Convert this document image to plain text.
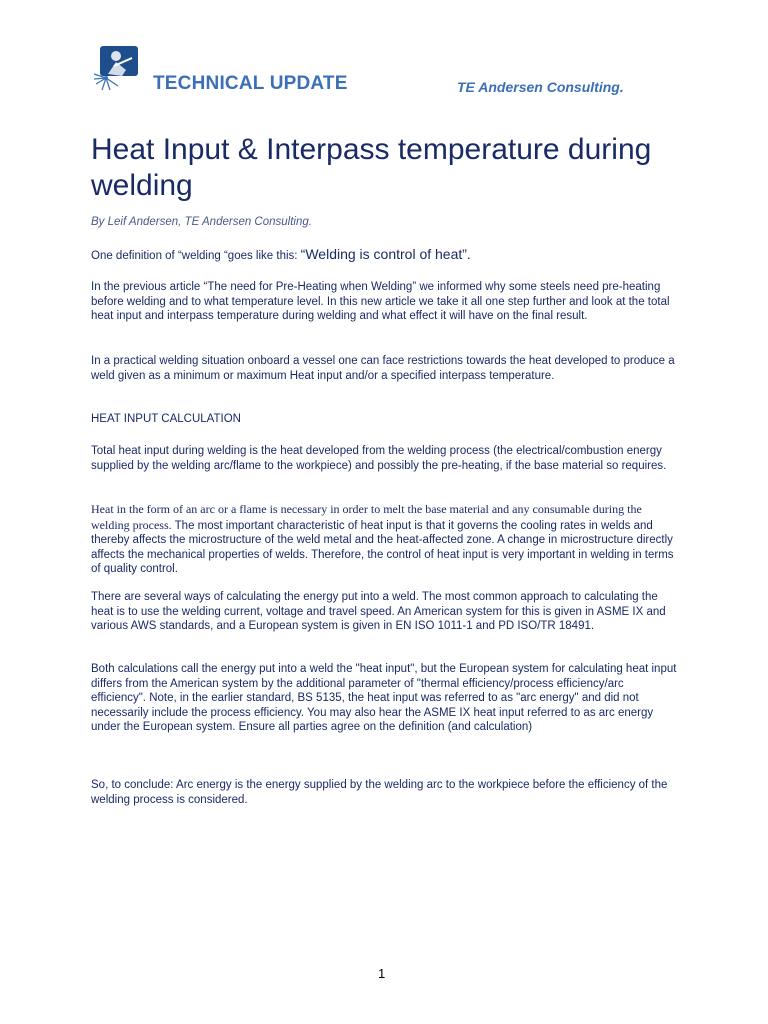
TECHNICAL UPDATE	TE Andersen Consulting.
Heat Input & Interpass temperature during welding
By Leif Andersen, TE Andersen Consulting.
One definition of “welding “goes like this: “Welding is control of heat”.

In the previous article “The need for Pre-Heating when Welding” we informed why some steels need pre-heating before welding and to what temperature level. In this new article we take it all one step further and look at the total heat input and interpass temperature during welding and what effect it will have on the final result.

In a practical welding situation onboard a vessel one can face restrictions towards the heat developed to produce a weld given as a minimum or maximum Heat input and/or a specified interpass temperature.

HEAT INPUT CALCULATION

Total heat input during welding is the heat developed from the welding process (the electrical/combustion energy supplied by the welding arc/flame to the workpiece) and possibly the pre-heating, if the base material so requires.

Heat in the form of an arc or a flame is necessary in order to melt the base material and any consumable during the welding process. The most important characteristic of heat input is that it governs the cooling rates in welds and thereby affects the microstructure of the weld metal and the heat-affected zone. A change in microstructure directly affects the mechanical properties of welds. Therefore, the control of heat input is very important in welding in terms of quality control.

There are several ways of calculating the energy put into a weld. The most common approach to calculating the heat is to use the welding current, voltage and travel speed. An American system for this is given in ASME IX and various AWS standards, and a European system is given in EN ISO 1011-1 and PD ISO/TR 18491.

Both calculations call the energy put into a weld the "heat input", but the European system for calculating heat input differs from the American system by the additional parameter of "thermal efficiency/process efficiency/arc efficiency". Note, in the earlier standard, BS 5135, the heat input was referred to as "arc energy" and did not necessarily include the process efficiency. You may also hear the ASME IX heat input referred to as arc energy under the European system. Ensure all parties agree on the definition (and calculation)

So, to conclude: Arc energy is the energy supplied by the welding arc to the workpiece before the efficiency of the welding process is considered.

1
